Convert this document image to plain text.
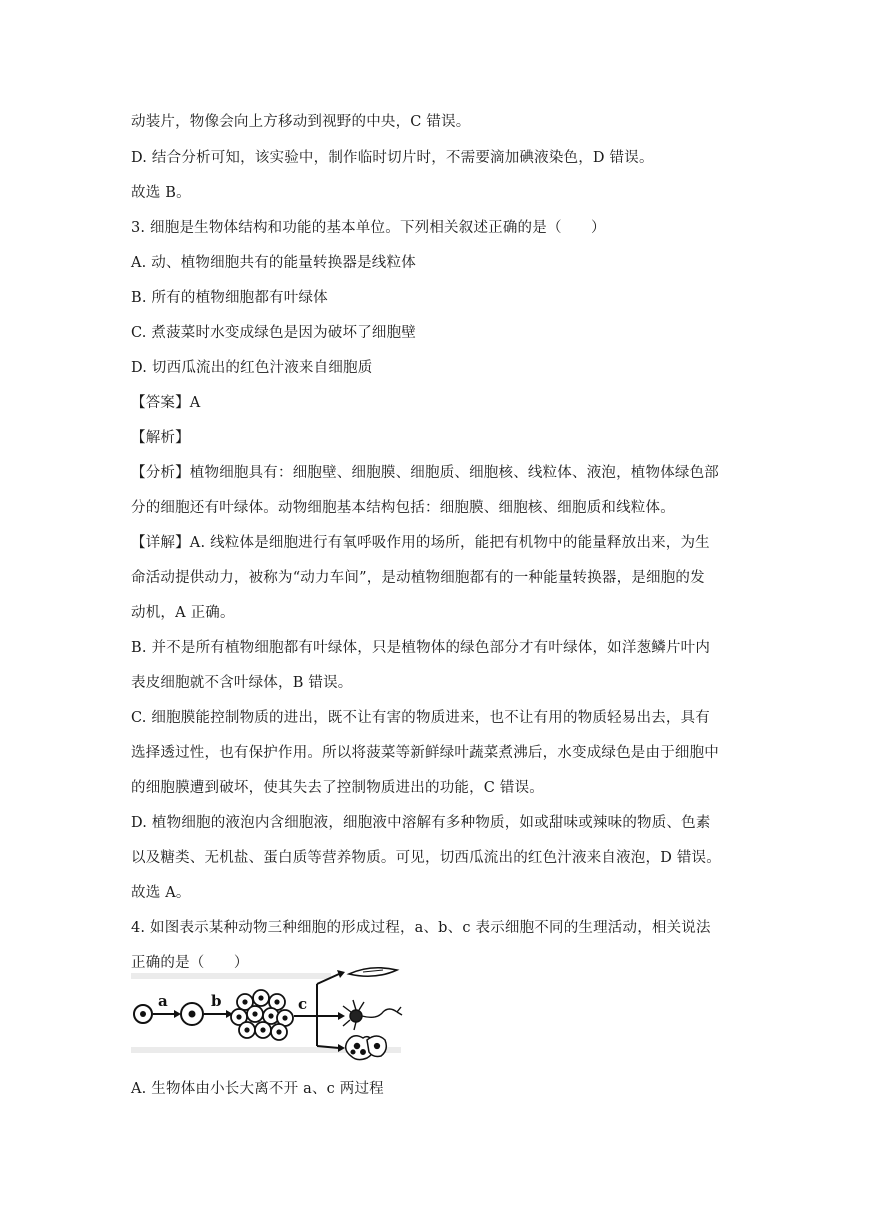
动装片，物像会向上方移动到视野的中央，C 错误。
D. 结合分析可知，该实验中，制作临时切片时，不需要滴加碘液染色，D 错误。
故选 B。
3. 细胞是生物体结构和功能的基本单位。下列相关叙述正确的是（　　）
A. 动、植物细胞共有的能量转换器是线粒体
B. 所有的植物细胞都有叶绿体
C. 煮菠菜时水变成绿色是因为破坏了细胞壁
D. 切西瓜流出的红色汁液来自细胞质
【答案】A
【解析】
【分析】植物细胞具有：细胞壁、细胞膜、细胞质、细胞核、线粒体、液泡，植物体绿色部
分的细胞还有叶绿体。动物细胞基本结构包括：细胞膜、细胞核、细胞质和线粒体。
【详解】A. 线粒体是细胞进行有氧呼吸作用的场所，能把有机物中的能量释放出来，为生
命活动提供动力，被称为“动力车间”，是动植物细胞都有的一种能量转换器，是细胞的发
动机，A 正确。
B. 并不是所有植物细胞都有叶绿体，只是植物体的绿色部分才有叶绿体，如洋葱鳞片叶内
表皮细胞就不含叶绿体，B 错误。
C. 细胞膜能控制物质的进出，既不让有害的物质进来，也不让有用的物质轻易出去，具有
选择透过性，也有保护作用。所以将菠菜等新鲜绿叶蔬菜煮沸后，水变成绿色是由于细胞中
的细胞膜遭到破坏，使其失去了控制物质进出的功能，C 错误。
D. 植物细胞的液泡内含细胞液，细胞液中溶解有多种物质，如或甜味或辣味的物质、色素
以及糖类、无机盐、蛋白质等营养物质。可见，切西瓜流出的红色汁液来自液泡，D 错误。
故选 A。
4. 如图表示某种动物三种细胞的形成过程，a、b、c 表示细胞不同的生理活动，相关说法
正确的是（　　）
a	b	c
A. 生物体由小长大离不开 a、c 两过程
